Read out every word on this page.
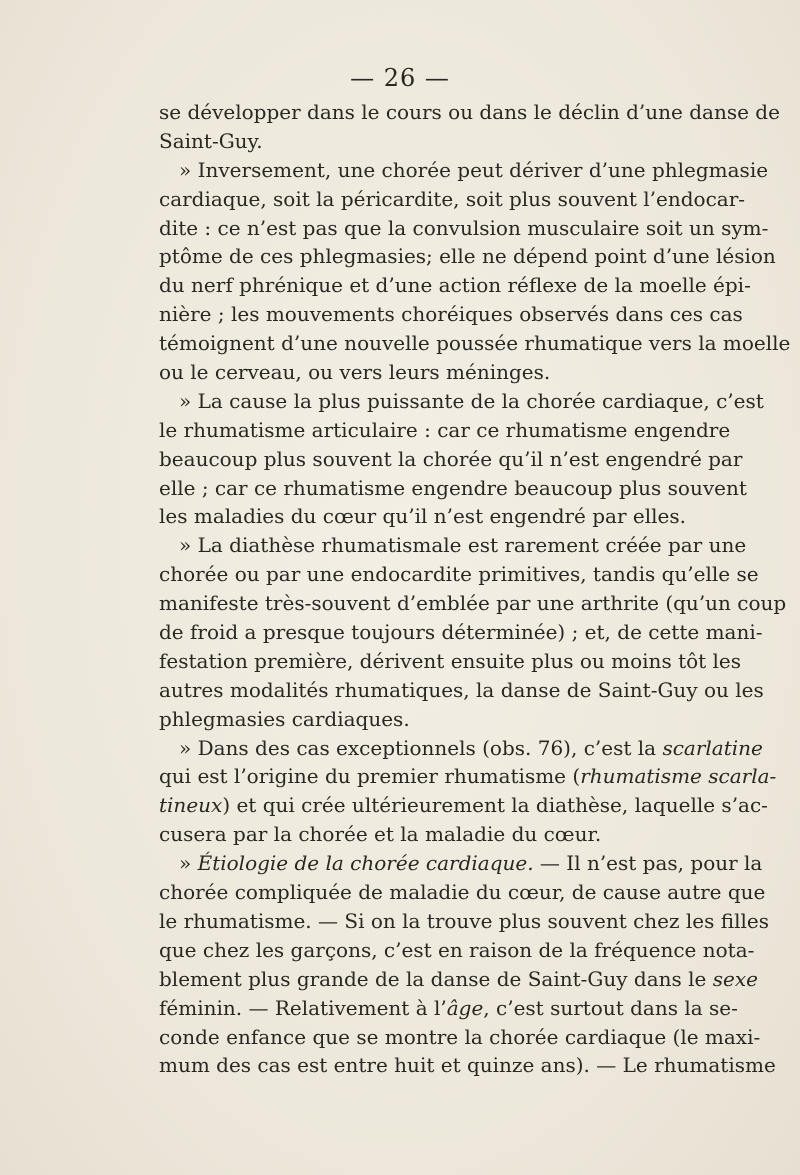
— 26 —
se développer dans le cours ou dans le déclin d’une danse de
Saint-Guy.
» Inversement, une chorée peut dériver d’une phlegmasie
cardiaque, soit la péricardite, soit plus souvent l’endocar-
dite : ce n’est pas que la convulsion musculaire soit un sym-
ptôme de ces phlegmasies; elle ne dépend point d’une lésion
du nerf phrénique et d’une action réflexe de la moelle épi-
nière ; les mouvements choréiques observés dans ces cas
témoignent d’une nouvelle poussée rhumatique vers la moelle
ou le cerveau, ou vers leurs méninges.
» La cause la plus puissante de la chorée cardiaque, c’est
le rhumatisme articulaire : car ce rhumatisme engendre
beaucoup plus souvent la chorée qu’il n’est engendré par
elle ; car ce rhumatisme engendre beaucoup plus souvent
les maladies du cœur qu’il n’est engendré par elles.
» La diathèse rhumatismale est rarement créée par une
chorée ou par une endocardite primitives, tandis qu’elle se
manifeste très-souvent d’emblée par une arthrite (qu’un coup
de froid a presque toujours déterminée) ; et, de cette mani-
festation première, dérivent ensuite plus ou moins tôt les
autres modalités rhumatiques, la danse de Saint-Guy ou les
phlegmasies cardiaques.
» Dans des cas exceptionnels (obs. 76), c’est la scarlatine
qui est l’origine du premier rhumatisme (rhumatisme scarla-
tineux) et qui crée ultérieurement la diathèse, laquelle s’ac-
cusera par la chorée et la maladie du cœur.
» Étiologie de la chorée cardiaque. — Il n’est pas, pour la
chorée compliquée de maladie du cœur, de cause autre que
le rhumatisme. — Si on la trouve plus souvent chez les filles
que chez les garçons, c’est en raison de la fréquence nota-
blement plus grande de la danse de Saint-Guy dans le sexe
féminin. — Relativement à l’âge, c’est surtout dans la se-
conde enfance que se montre la chorée cardiaque (le maxi-
mum des cas est entre huit et quinze ans). — Le rhumatisme
